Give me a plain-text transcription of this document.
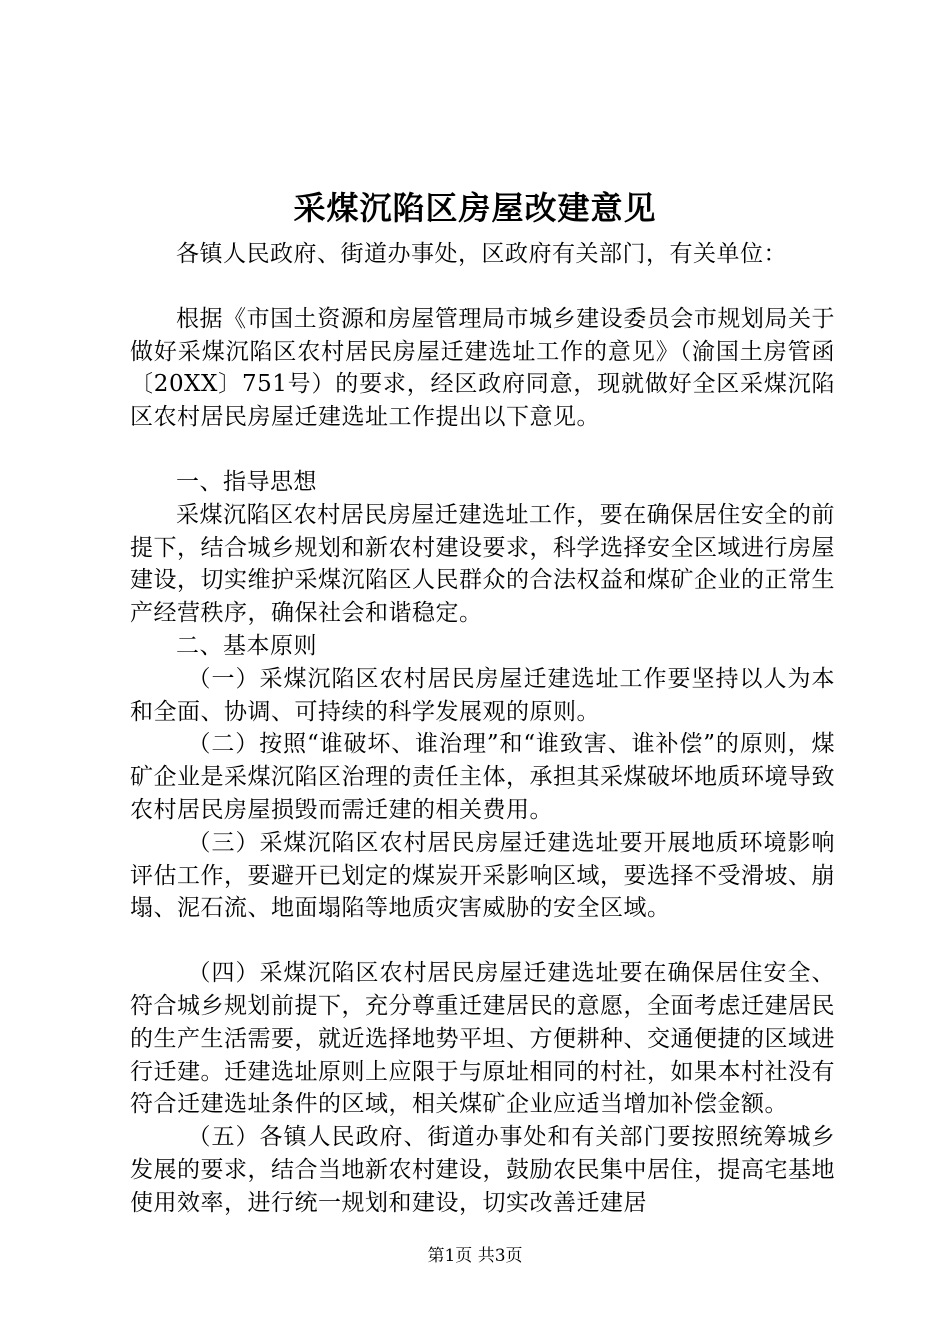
采煤沉陷区房屋改建意见

各镇人民政府、街道办事处，区政府有关部门，有关单位：

根据《市国土资源和房屋管理局市城乡建设委员会市规划局关于做好采煤沉陷区农村居民房屋迁建选址工作的意见》（渝国土房管函〔20XX〕751号）的要求，经区政府同意，现就做好全区采煤沉陷区农村居民房屋迁建选址工作提出以下意见。

一、指导思想

采煤沉陷区农村居民房屋迁建选址工作，要在确保居住安全的前提下，结合城乡规划和新农村建设要求，科学选择安全区域进行房屋建设，切实维护采煤沉陷区人民群众的合法权益和煤矿企业的正常生产经营秩序，确保社会和谐稳定。

二、基本原则

（一）采煤沉陷区农村居民房屋迁建选址工作要坚持以人为本和全面、协调、可持续的科学发展观的原则。

（二）按照“谁破坏、谁治理”和“谁致害、谁补偿”的原则，煤矿企业是采煤沉陷区治理的责任主体，承担其采煤破坏地质环境导致农村居民房屋损毁而需迁建的相关费用。

（三）采煤沉陷区农村居民房屋迁建选址要开展地质环境影响评估工作，要避开已划定的煤炭开采影响区域，要选择不受滑坡、崩塌、泥石流、地面塌陷等地质灾害威胁的安全区域。

（四）采煤沉陷区农村居民房屋迁建选址要在确保居住安全、符合城乡规划前提下，充分尊重迁建居民的意愿，全面考虑迁建居民的生产生活需要，就近选择地势平坦、方便耕种、交通便捷的区域进行迁建。迁建选址原则上应限于与原址相同的村社，如果本村社没有符合迁建选址条件的区域，相关煤矿企业应适当增加补偿金额。

（五）各镇人民政府、街道办事处和有关部门要按照统筹城乡发展的要求，结合当地新农村建设，鼓励农民集中居住，提高宅基地使用效率，进行统一规划和建设，切实改善迁建居

第1页 共3页
